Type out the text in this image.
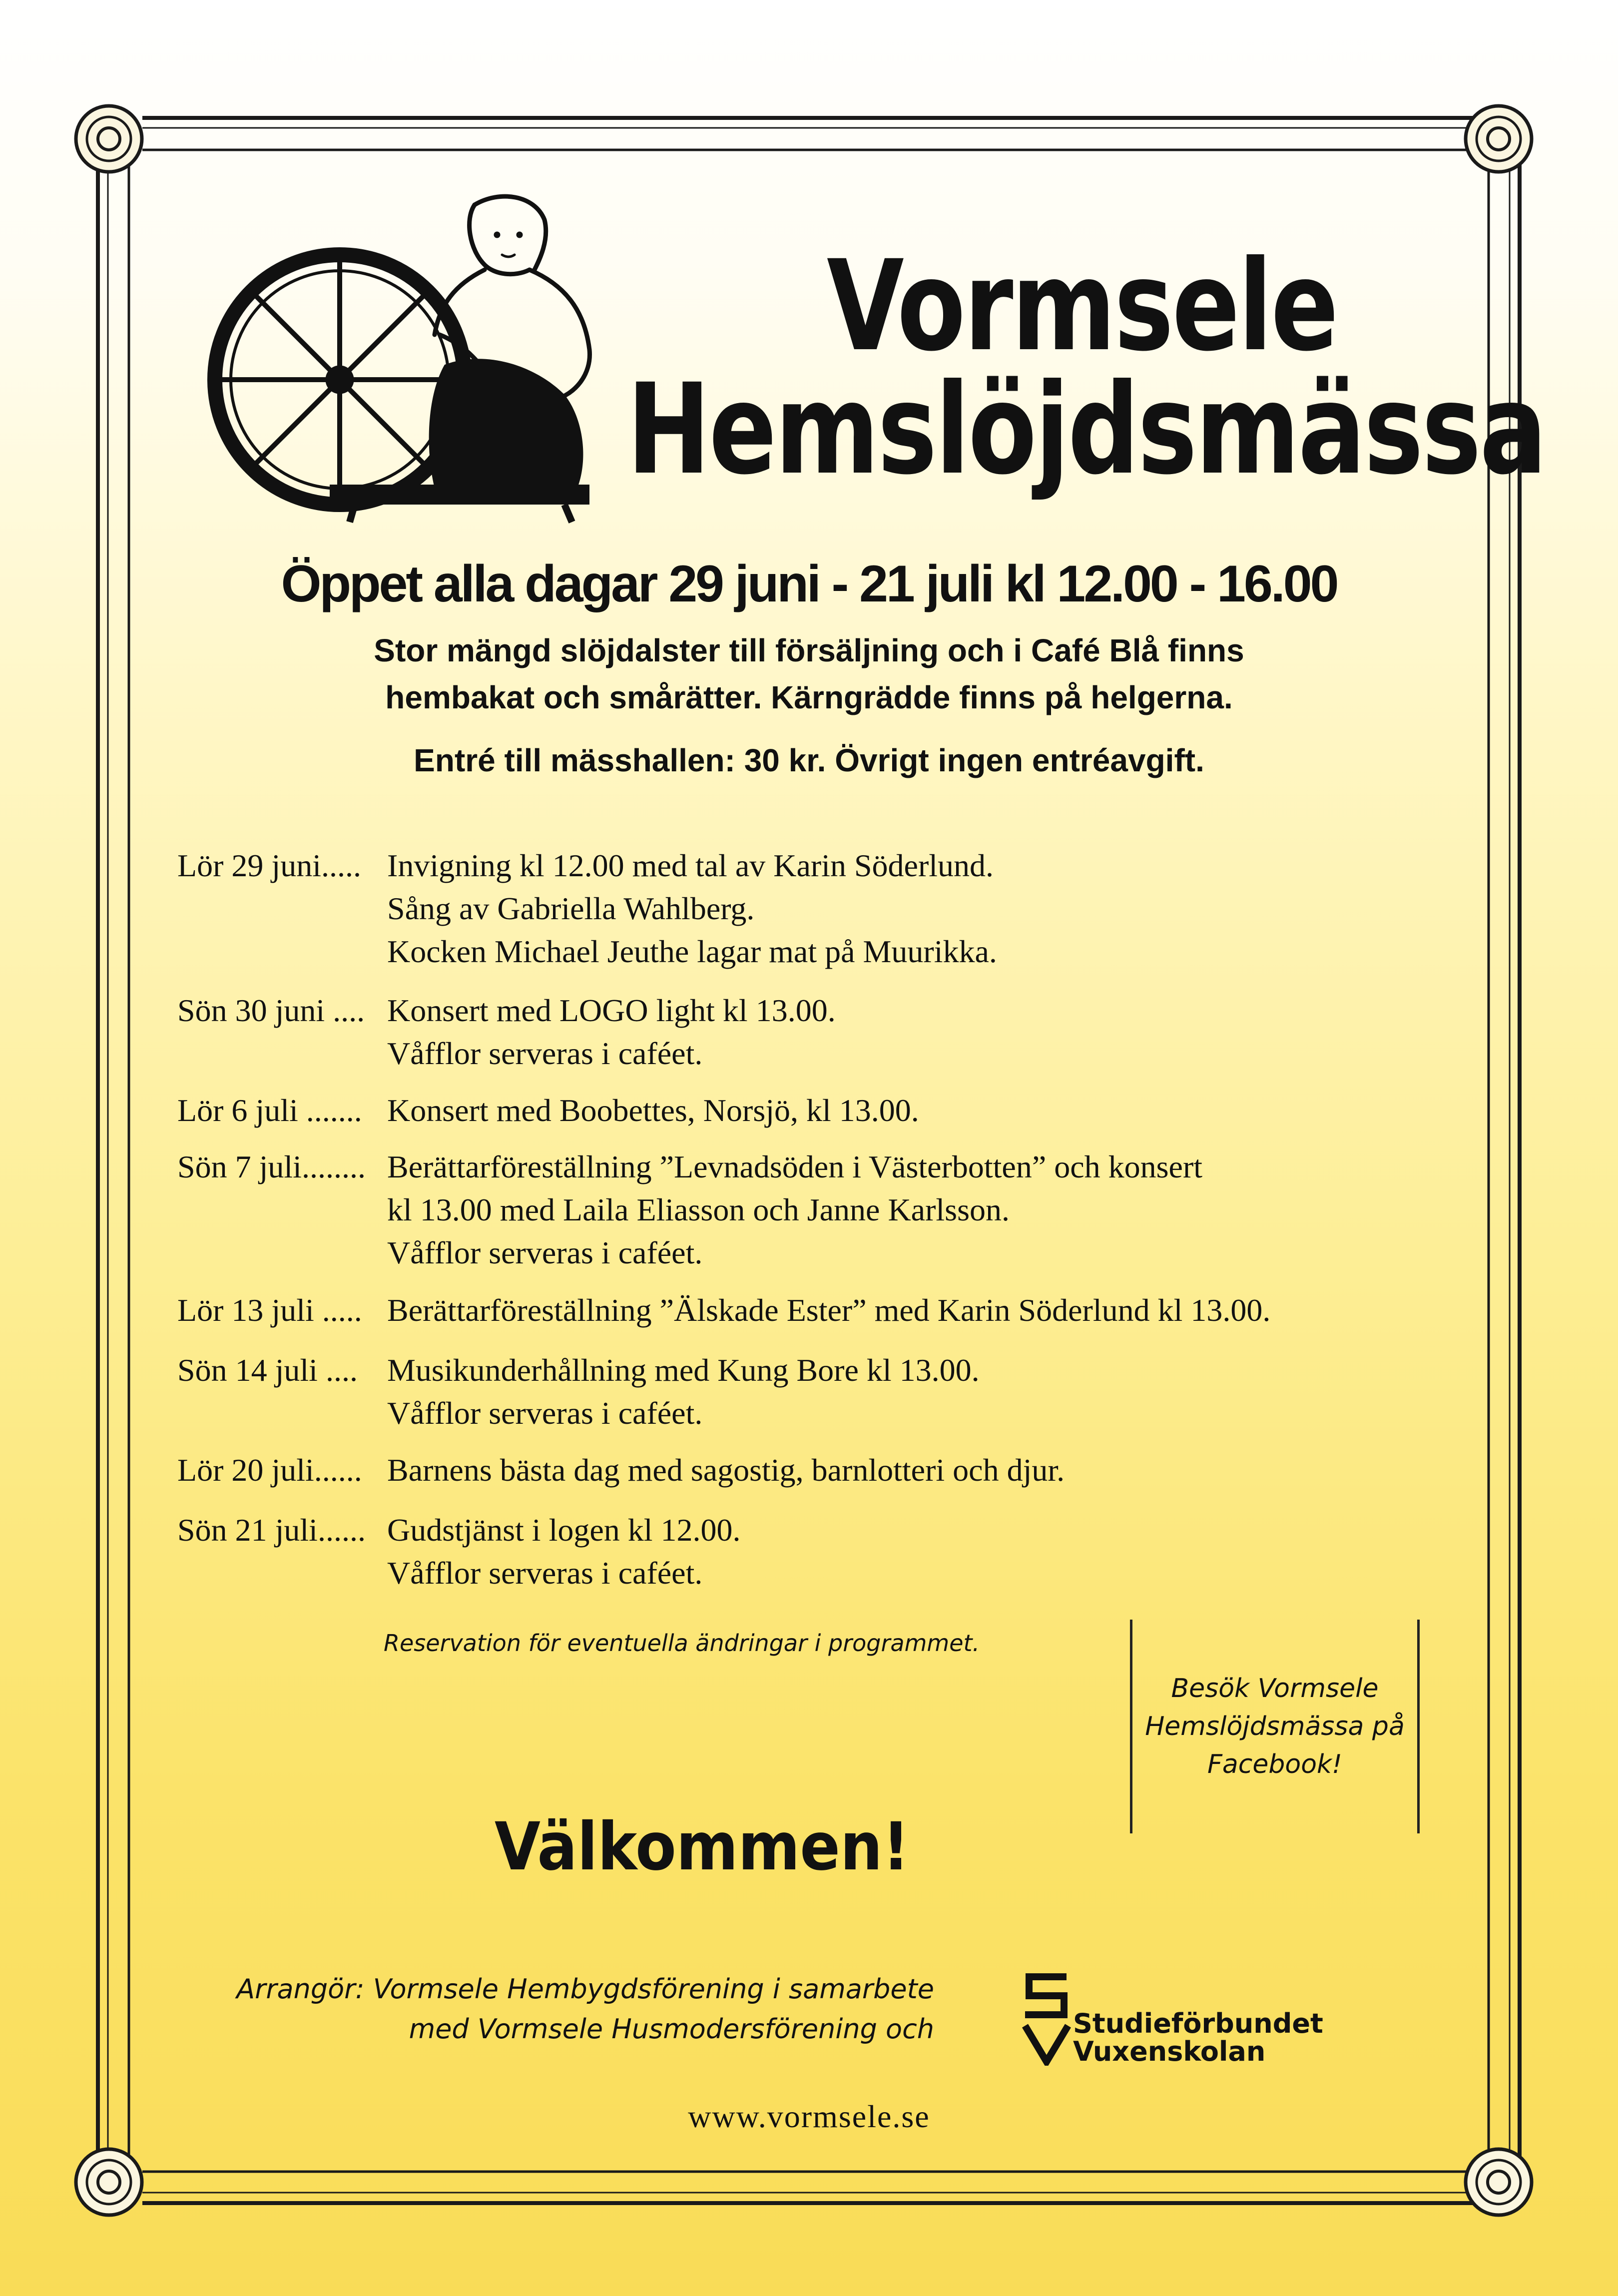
Vormsele
Hemslöjdsmässa
Öppet alla dagar 29 juni - 21 juli kl 12.00 - 16.00
Stor mängd slöjdalster till försäljning och i Café Blå finns
hembakat och smårätter. Kärngrädde finns på helgerna.
Entré till mässhallen: 30 kr. Övrigt ingen entréavgift.
Lör 29 juni..... Invigning kl 12.00 med tal av Karin Söderlund.
Sång av Gabriella Wahlberg.
Kocken Michael Jeuthe lagar mat på Muurikka.
Sön 30 juni .... Konsert med LOGO light kl 13.00.
Våfflor serveras i caféet.
Lör 6 juli ....... Konsert med Boobettes, Norsjö, kl 13.00.
Sön 7 juli........ Berättarföreställning ”Levnadsöden i Västerbotten” och konsert
kl 13.00 med Laila Eliasson och Janne Karlsson.
Våfflor serveras i caféet.
Lör 13 juli ..... Berättarföreställning ”Älskade Ester” med Karin Söderlund kl 13.00.
Sön 14 juli .... Musikunderhållning med Kung Bore kl 13.00.
Våfflor serveras i caféet.
Lör 20 juli...... Barnens bästa dag med sagostig, barnlotteri och djur.
Sön 21 juli...... Gudstjänst i logen kl 12.00.
Våfflor serveras i caféet.
Reservation för eventuella ändringar i programmet.
Besök Vormsele
Hemslöjdsmässa på
Facebook!
Välkommen!
Arrangör: Vormsele Hembygdsförening i samarbete
med Vormsele Husmodersförening och	Studieförbundet
Vuxenskolan
www.vormsele.se
